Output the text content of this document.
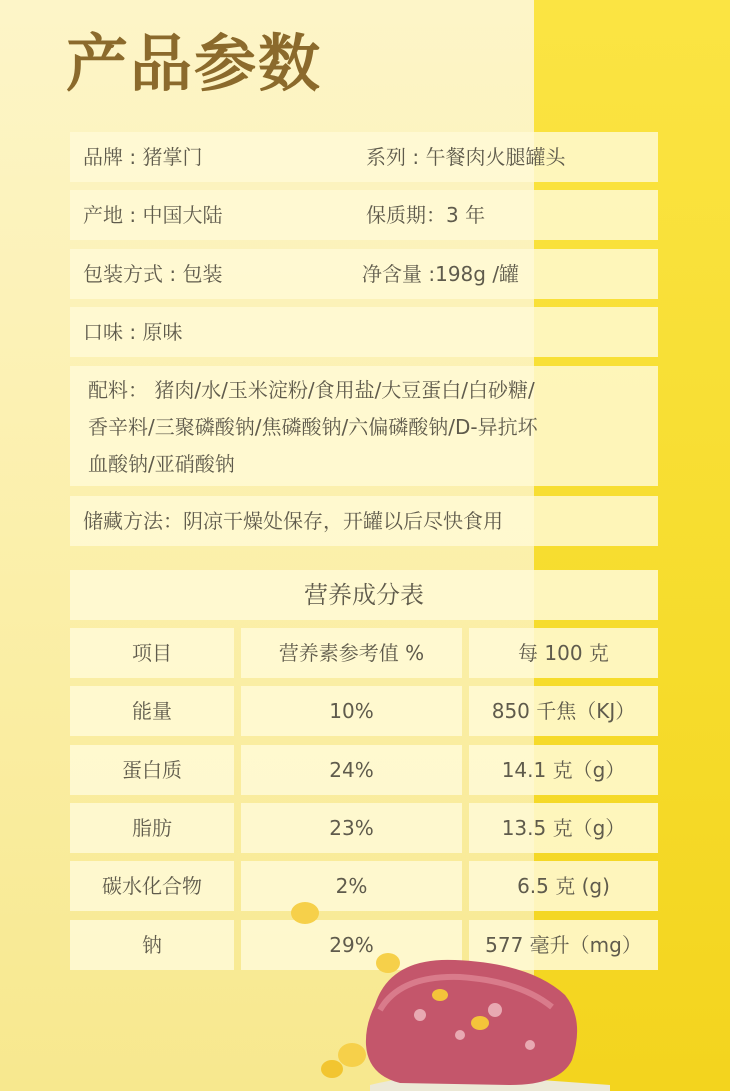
产品参数
品牌 : 猪掌门	系列 : 午餐肉火腿罐头
产地 : 中国大陆	保质期：3 年
包装方式 : 包装	净含量 :198g /罐
口味 : 原味
配料： 猪肉/水/玉米淀粉/食用盐/大豆蛋白/白砂糖/
香辛料/三聚磷酸钠/焦磷酸钠/六偏磷酸钠/D-异抗坏
血酸钠/亚硝酸钠
储藏方法：阴凉干燥处保存，开罐以后尽快食用
营养成分表
项目	营养素参考值 %	每 100 克
能量	10%	850 千焦（KJ）
蛋白质	24%	14.1 克（g）
脂肪	23%	13.5 克（g）
碳水化合物	2%	6.5 克 (g)
钠	29%	577 毫升（mg）
